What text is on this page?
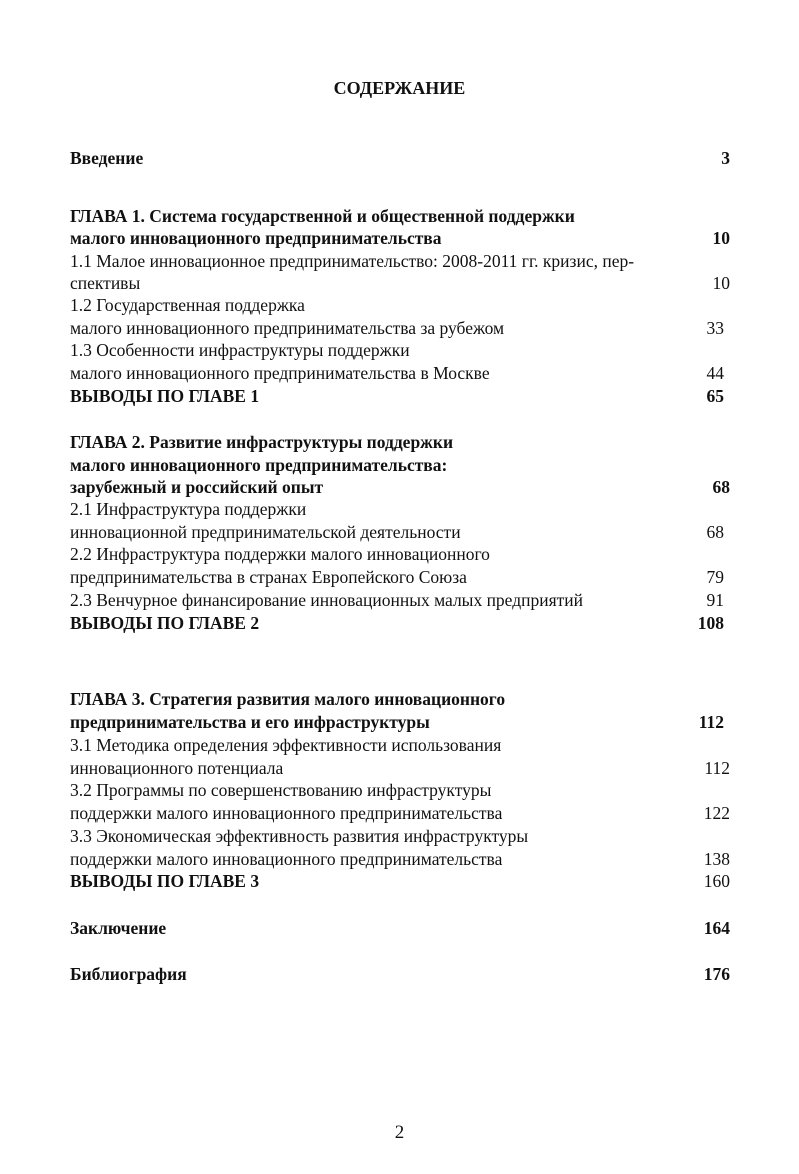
СОДЕРЖАНИЕ
Введение	3
ГЛАВА 1. Система государственной и общественной поддержки
малого инновационного предпринимательства	10
1.1 Малое инновационное предпринимательство: 2008-2011 гг. кризис, пер-
спективы	10
1.2 Государственная поддержка
малого инновационного предпринимательства за рубежом	33
1.3 Особенности инфраструктуры поддержки
малого инновационного предпринимательства в Москве	44
ВЫВОДЫ ПО ГЛАВЕ 1	65
ГЛАВА 2. Развитие инфраструктуры поддержки
малого инновационного предпринимательства:
зарубежный и российский опыт	68
2.1 Инфраструктура поддержки
инновационной предпринимательской деятельности	68
2.2 Инфраструктура поддержки малого инновационного
предпринимательства в странах Европейского Союза	79
2.3 Венчурное финансирование инновационных малых предприятий	91
ВЫВОДЫ ПО ГЛАВЕ 2	108
ГЛАВА 3. Стратегия развития малого инновационного
предпринимательства и его инфраструктуры	112
3.1 Методика определения эффективности использования
инновационного потенциала	112
3.2 Программы по совершенствованию инфраструктуры
поддержки малого инновационного предпринимательства	122
3.3 Экономическая эффективность развития инфраструктуры
поддержки малого инновационного предпринимательства	138
ВЫВОДЫ ПО ГЛАВЕ 3	160
Заключение	164
Библиография	176
2
